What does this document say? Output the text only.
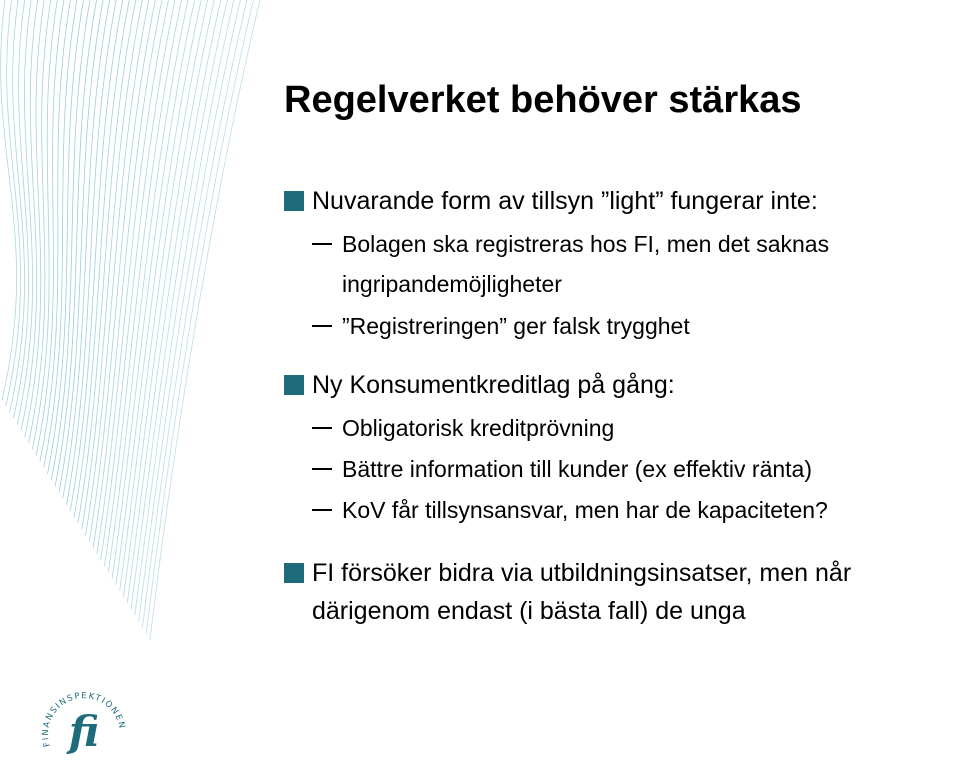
Regelverket behöver stärkas
Nuvarande form av tillsyn ”light” fungerar inte:
Bolagen ska registreras hos FI, men det saknas
ingripandemöjligheter
”Registreringen” ger falsk trygghet
Ny Konsumentkreditlag på gång:
Obligatorisk kreditprövning
Bättre information till kunder (ex effektiv ränta)
KoV får tillsynsansvar, men har de kapaciteten?
FI försöker bidra via utbildningsinsatser, men når
därigenom endast (i bästa fall) de unga
FINANSINSPEKTIONEN
fi
